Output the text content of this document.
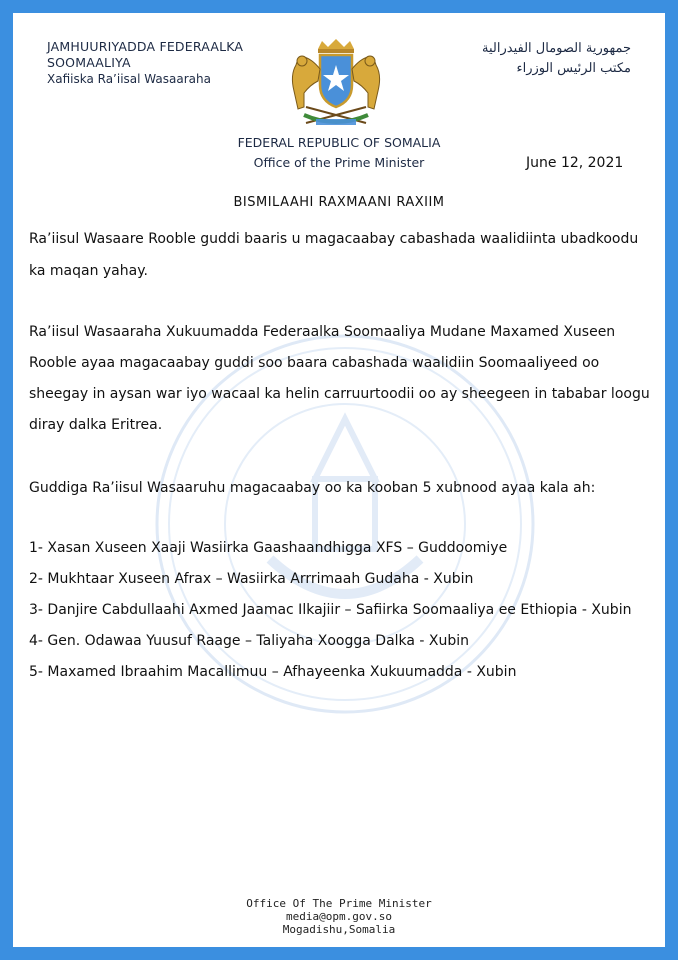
JAMHUURIYADDA FEDERAALKA
SOOMAALIYA
Xafiiska Ra’iisal Wasaaraha
جمهورية الصومال الفيدرالية
مكتب الرئيس الوزراء
FEDERAL REPUBLIC OF SOMALIA
Office of the Prime Minister	June 12, 2021
BISMILAAHI RAXMAANI RAXIIM
Ra’iisul Wasaare Rooble guddi baaris u magacaabay cabashada waalidiinta ubadkoodu ka maqan yahay.
Ra’iisul Wasaaraha Xukuumadda Federaalka Soomaaliya Mudane Maxamed Xuseen Rooble ayaa magacaabay guddi soo baara cabashada waalidiin Soomaaliyeed oo sheegay in aysan war iyo wacaal ka helin carruurtoodii oo ay sheegeen in tababar loogu diray dalka Eritrea.
Guddiga Ra’iisul Wasaaruhu magacaabay oo ka kooban 5 xubnood ayaa kala ah:
1- Xasan Xuseen Xaaji Wasiirka Gaashaandhigga XFS – Guddoomiye
2- Mukhtaar Xuseen Afrax – Wasiirka Arrrimaah Gudaha - Xubin
3- Danjire Cabdullaahi Axmed Jaamac Ilkajiir – Safiirka Soomaaliya ee Ethiopia - Xubin
4- Gen. Odawaa Yuusuf Raage – Taliyaha Xoogga Dalka - Xubin
5- Maxamed Ibraahim Macallimuu – Afhayeenka Xukuumadda - Xubin
Office Of The Prime Minister
media@opm.gov.so
Mogadishu,Somalia
